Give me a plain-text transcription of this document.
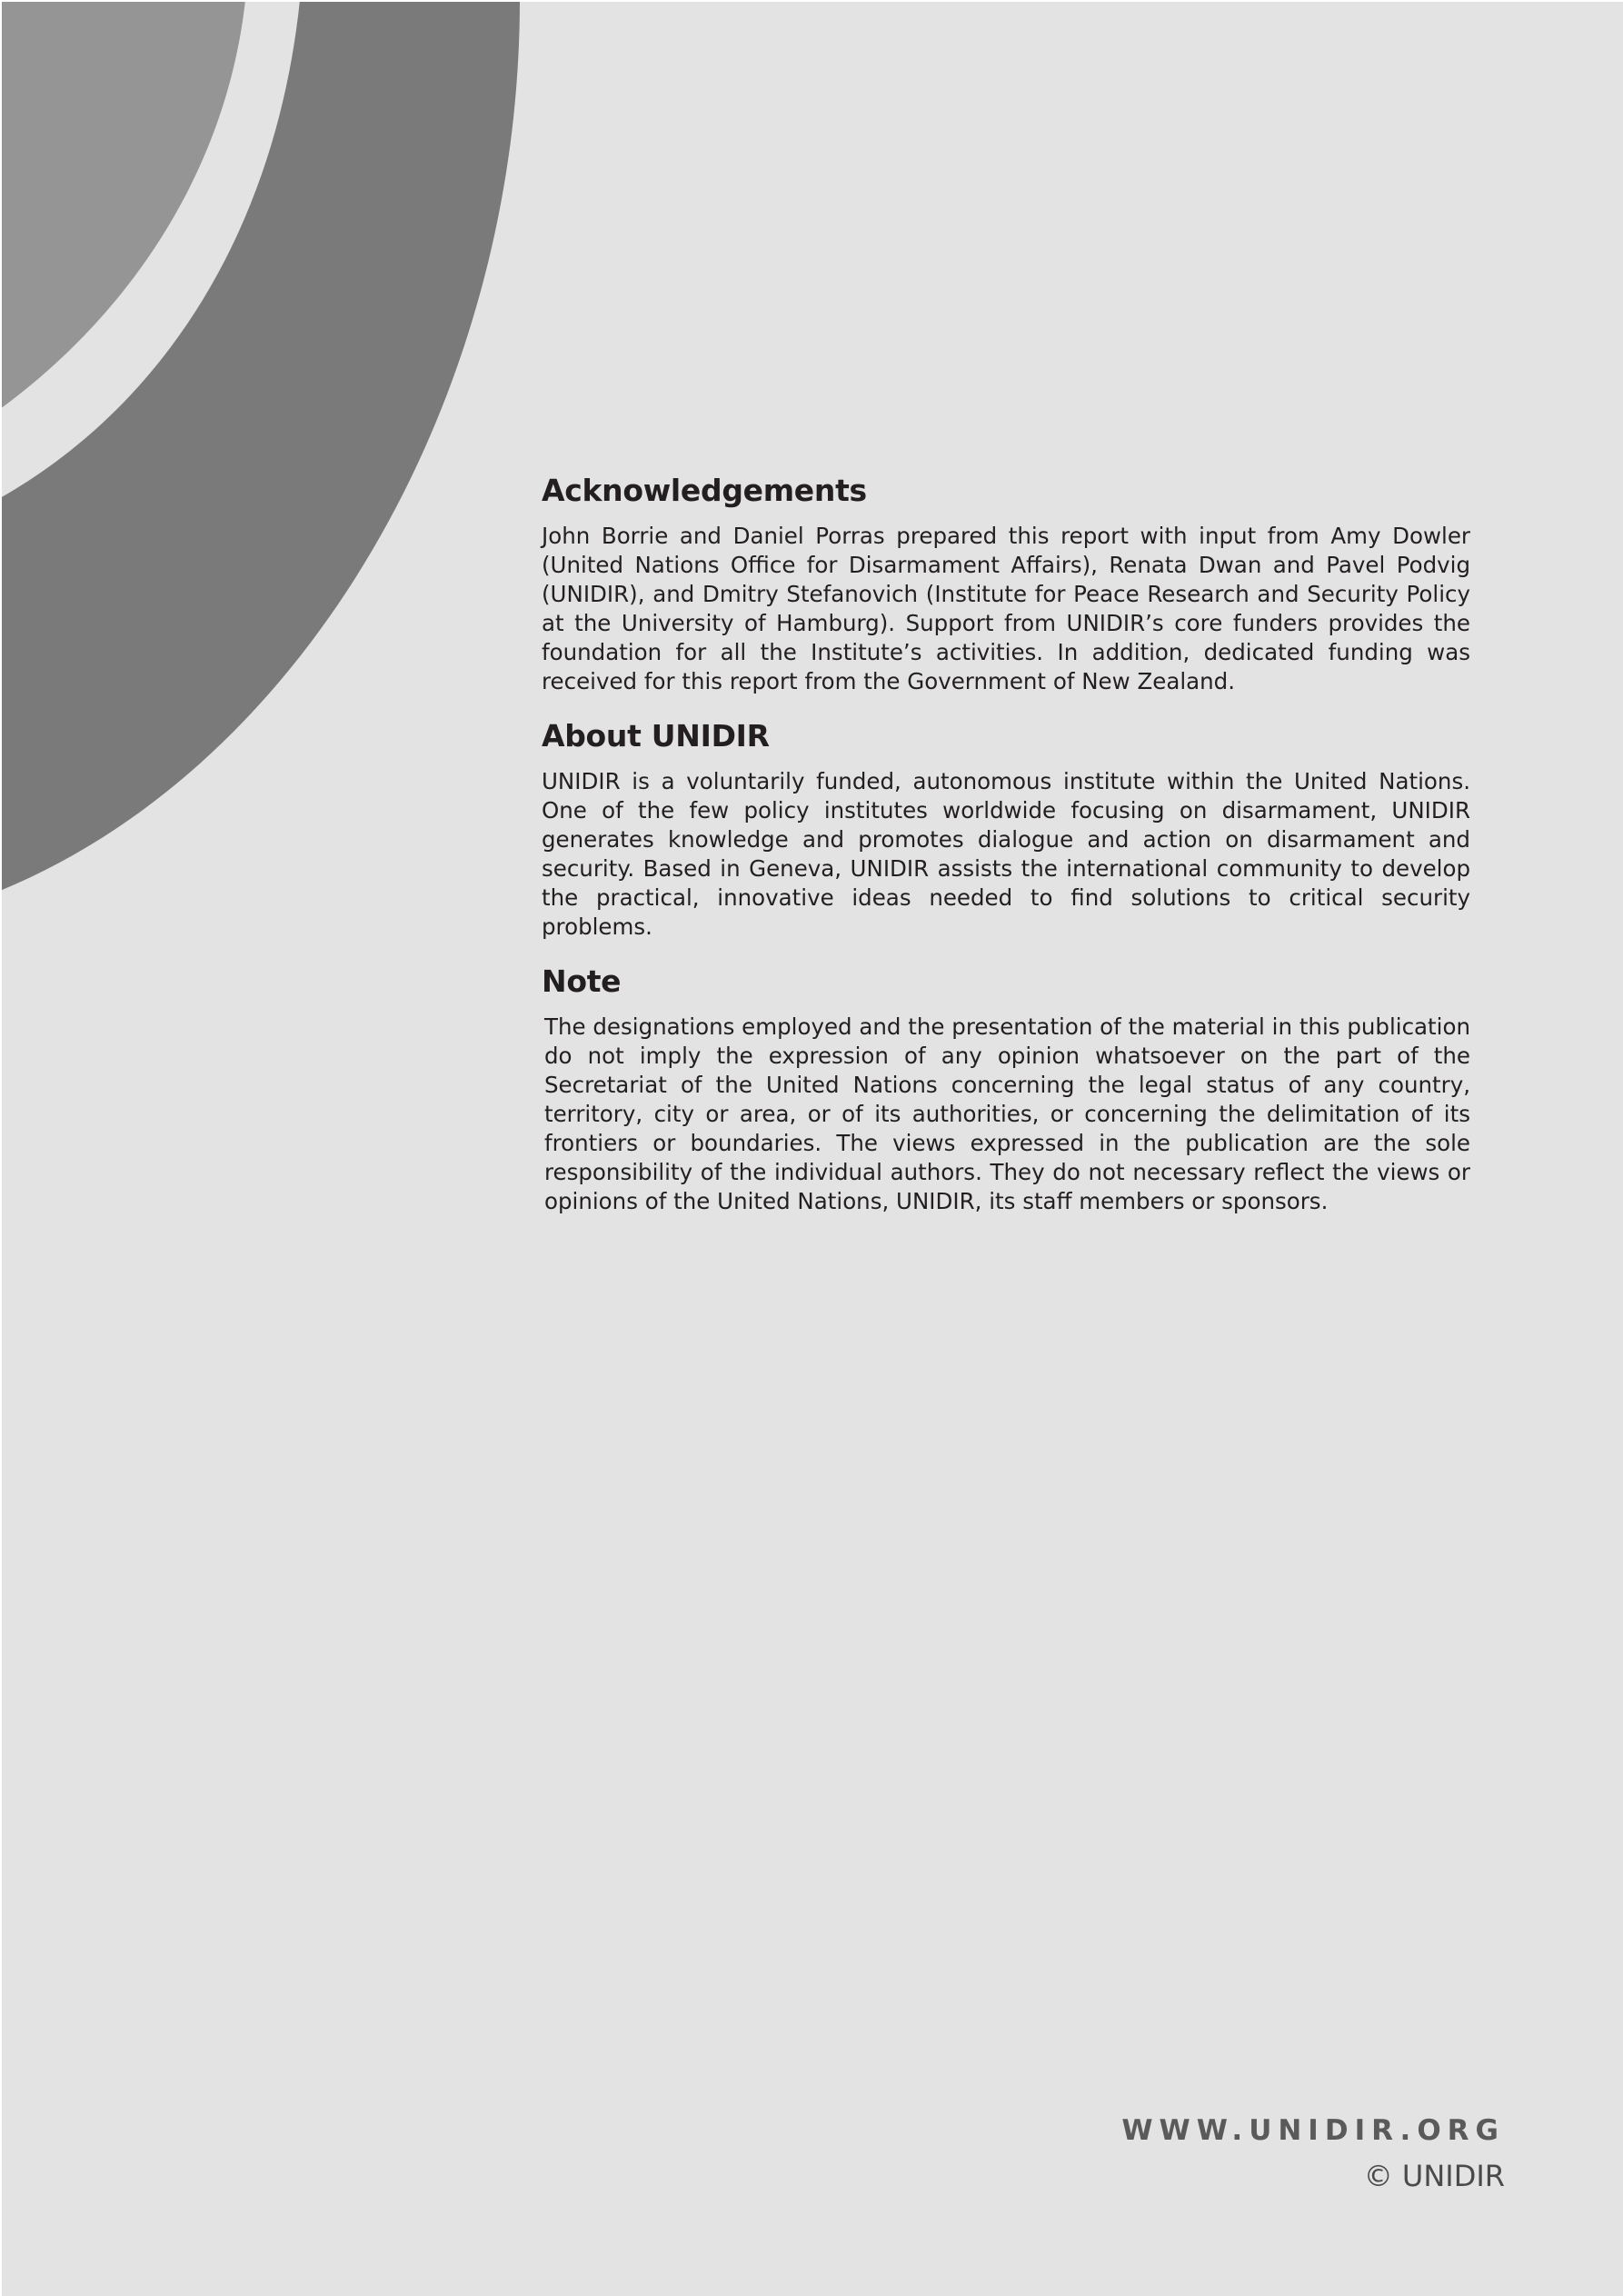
Acknowledgements

John Borrie and Daniel Porras prepared this report with input from Amy Dowler (United Nations Office for Disarmament Affairs), Renata Dwan and Pavel Podvig (UNIDIR), and Dmitry Stefanovich (Institute for Peace Research and Security Policy at the University of Hamburg). Support from UNIDIR’s core funders provides the foundation for all the Institute’s activities. In addition, dedicated funding was received for this report from the Government of New Zealand.

About UNIDIR

UNIDIR is a voluntarily funded, autonomous institute within the United Nations. One of the few policy institutes worldwide focusing on disarmament, UNIDIR generates knowledge and promotes dialogue and action on disarmament and security. Based in Geneva, UNIDIR assists the international community to develop the practical, innovative ideas needed to find solutions to critical security problems.

Note

The designations employed and the presentation of the material in this publication do not imply the expression of any opinion whatsoever on the part of the Secretariat of the United Nations concerning the legal status of any country, territory, city or area, or of its authorities, or concerning the delimitation of its frontiers or boundaries. The views expressed in the publication are the sole responsibility of the individual authors. They do not necessary reflect the views or opinions of the United Nations, UNIDIR, its staff members or sponsors.

WWW.UNIDIR.ORG
© UNIDIR
